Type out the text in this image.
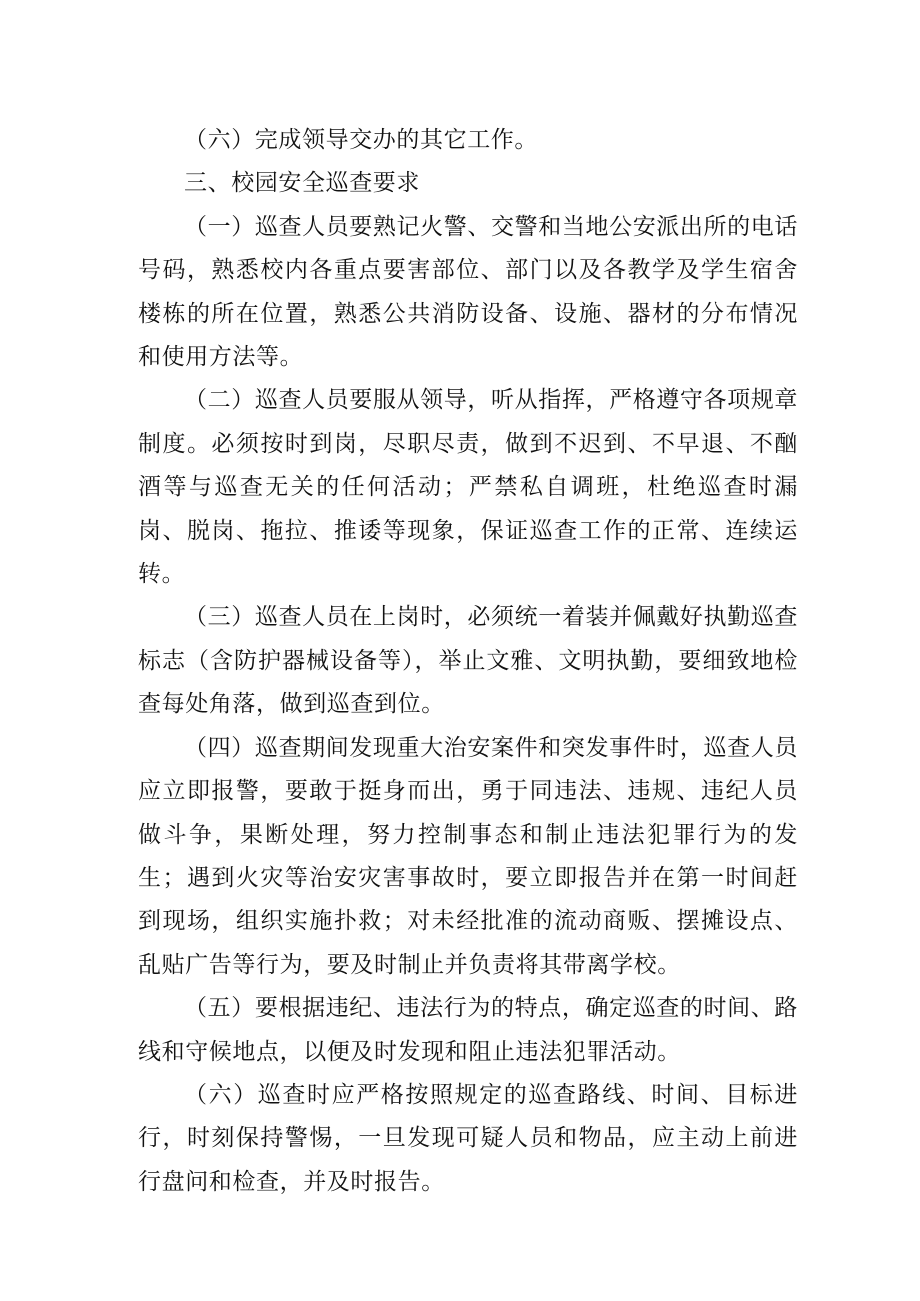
（六）完成领导交办的其它工作。

三、校园安全巡查要求

（一）巡查人员要熟记火警、交警和当地公安派出所的电话号码，熟悉校内各重点要害部位、部门以及各教学及学生宿舍楼栋的所在位置，熟悉公共消防设备、设施、器材的分布情况和使用方法等。

（二）巡查人员要服从领导，听从指挥，严格遵守各项规章制度。必须按时到岗，尽职尽责，做到不迟到、不早退、不酗酒等与巡查无关的任何活动；严禁私自调班，杜绝巡查时漏岗、脱岗、拖拉、推诿等现象，保证巡查工作的正常、连续运转。

（三）巡查人员在上岗时，必须统一着装并佩戴好执勤巡查标志（含防护器械设备等），举止文雅、文明执勤，要细致地检查每处角落，做到巡查到位。

（四）巡查期间发现重大治安案件和突发事件时，巡查人员应立即报警，要敢于挺身而出，勇于同违法、违规、违纪人员做斗争，果断处理，努力控制事态和制止违法犯罪行为的发生；遇到火灾等治安灾害事故时，要立即报告并在第一时间赶到现场，组织实施扑救；对未经批准的流动商贩、摆摊设点、乱贴广告等行为，要及时制止并负责将其带离学校。

（五）要根据违纪、违法行为的特点，确定巡查的时间、路线和守候地点，以便及时发现和阻止违法犯罪活动。

（六）巡查时应严格按照规定的巡查路线、时间、目标进行，时刻保持警惕，一旦发现可疑人员和物品，应主动上前进行盘问和检查，并及时报告。
